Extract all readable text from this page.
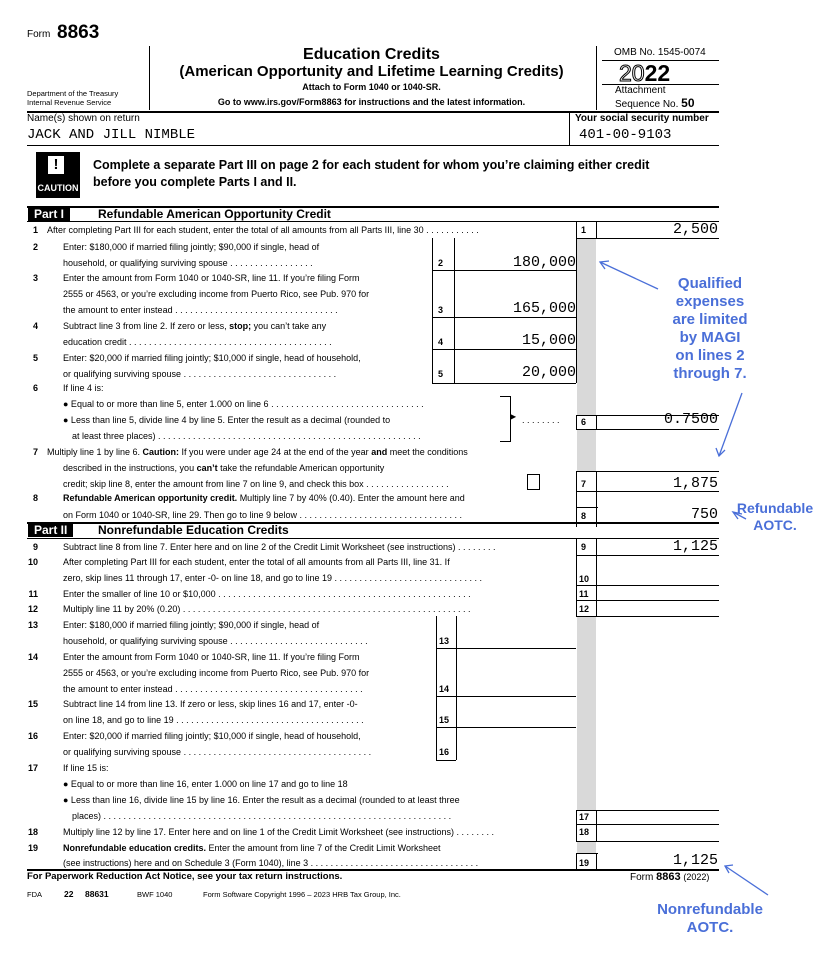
Form 8863
Department of the Treasury
Internal Revenue Service
Education Credits
(American Opportunity and Lifetime Learning Credits)
Attach to Form 1040 or 1040-SR.
Go to www.irs.gov/Form8863 for instructions and the latest information.
OMB No. 1545-0074
2022
Attachment
Sequence No. 50
Name(s) shown on return
JACK AND JILL NIMBLE
Your social security number
401-00-9103
!
CAUTION
Complete a separate Part III on page 2 for each student for whom you’re claiming either credit
before you complete Parts I and II.
Part I	Refundable American Opportunity Credit
1 After completing Part III for each student, enter the total of all amounts from all Parts III, line 30 . . . . . . . . . . .	1	2,500
2	Enter: $180,000 if married filing jointly; $90,000 if single, head of
household, or qualifying surviving spouse . . . . . . . . . . . . . . . . .	2	180,000
3	Enter the amount from Form 1040 or 1040-SR, line 11. If you’re filing Form
2555 or 4563, or you’re excluding income from Puerto Rico, see Pub. 970 for
the amount to enter instead . . . . . . . . . . . . . . . . . . . . . . . . . . . . . . . . .	3	165,000
4	Subtract line 3 from line 2. If zero or less, stop; you can’t take any
education credit . . . . . . . . . . . . . . . . . . . . . . . . . . . . . . . . . . . . . . . . .	4	15,000
5	Enter: $20,000 if married filing jointly; $10,000 if single, head of household,
or qualifying surviving spouse . . . . . . . . . . . . . . . . . . . . . . . . . . . . . . .	5	20,000
6	If line 4 is:
● Equal to or more than line 5, enter 1.000 on line 6 . . . . . . . . . . . . . . . . . . . . . . . . . . . . . . .
● Less than line 5, divide line 4 by line 5. Enter the result as a decimal (rounded to
at least three places) . . . . . . . . . . . . . . . . . . . . . . . . . . . . . . . . . . . . . . . . . . . . . . . . . . . . .
▶ . . . . . . . . 6	0.7500
7 Multiply line 1 by line 6. Caution: If you were under age 24 at the end of the year and meet the conditions
described in the instructions, you can’t take the refundable American opportunity
credit; skip line 8, enter the amount from line 7 on line 9, and check this box . . . . . . . . . . . . . . . . .	7	1,875
8	Refundable American opportunity credit. Multiply line 7 by 40% (0.40). Enter the amount here and
on Form 1040 or 1040-SR, line 29. Then go to line 9 below . . . . . . . . . . . . . . . . . . . . . . . . . . . . . . . . .	8	750
Part II	Nonrefundable Education Credits
9	Subtract line 8 from line 7. Enter here and on line 2 of the Credit Limit Worksheet (see instructions) . . . . . . . .	9	1,125
10	After completing Part III for each student, enter the total of all amounts from all Parts III, line 31. If
zero, skip lines 11 through 17, enter -0- on line 18, and go to line 19 . . . . . . . . . . . . . . . . . . . . . . . . . . . . . .	10
11	Enter the smaller of line 10 or $10,000 . . . . . . . . . . . . . . . . . . . . . . . . . . . . . . . . . . . . . . . . . . . . . . . . . . .	11
12	Multiply line 11 by 20% (0.20) . . . . . . . . . . . . . . . . . . . . . . . . . . . . . . . . . . . . . . . . . . . . . . . . . . . . . . . . . .	12
13	Enter: $180,000 if married filing jointly; $90,000 if single, head of
household, or qualifying surviving spouse . . . . . . . . . . . . . . . . . . . . . . . . . . . .	13
14	Enter the amount from Form 1040 or 1040-SR, line 11. If you’re filing Form
2555 or 4563, or you’re excluding income from Puerto Rico, see Pub. 970 for
the amount to enter instead . . . . . . . . . . . . . . . . . . . . . . . . . . . . . . . . . . . . . .	14
15	Subtract line 14 from line 13. If zero or less, skip lines 16 and 17, enter -0-
on line 18, and go to line 19 . . . . . . . . . . . . . . . . . . . . . . . . . . . . . . . . . . . . . .	15
16	Enter: $20,000 if married filing jointly; $10,000 if single, head of household,
or qualifying surviving spouse . . . . . . . . . . . . . . . . . . . . . . . . . . . . . . . . . . . . . .	16
17	If line 15 is:
● Equal to or more than line 16, enter 1.000 on line 17 and go to line 18
● Less than line 16, divide line 15 by line 16. Enter the result as a decimal (rounded to at least three
places) . . . . . . . . . . . . . . . . . . . . . . . . . . . . . . . . . . . . . . . . . . . . . . . . . . . . . . . . . . . . . . . . . . . . . .	17
18	Multiply line 12 by line 17. Enter here and on line 1 of the Credit Limit Worksheet (see instructions) . . . . . . . .	18
19	Nonrefundable education credits. Enter the amount from line 7 of the Credit Limit Worksheet
(see instructions) here and on Schedule 3 (Form 1040), line 3 . . . . . . . . . . . . . . . . . . . . . . . . . . . . . . . . . .	19	1,125
For Paperwork Reduction Act Notice, see your tax return instructions.	Form 8863 (2022)
FDA	22 88631	BWF 1040	Form Software Copyright 1996 – 2023 HRB Tax Group, Inc.
Qualified
expenses
are limited
by MAGI
on lines 2
through 7.
Refundable
AOTC.
Nonrefundable
AOTC.
